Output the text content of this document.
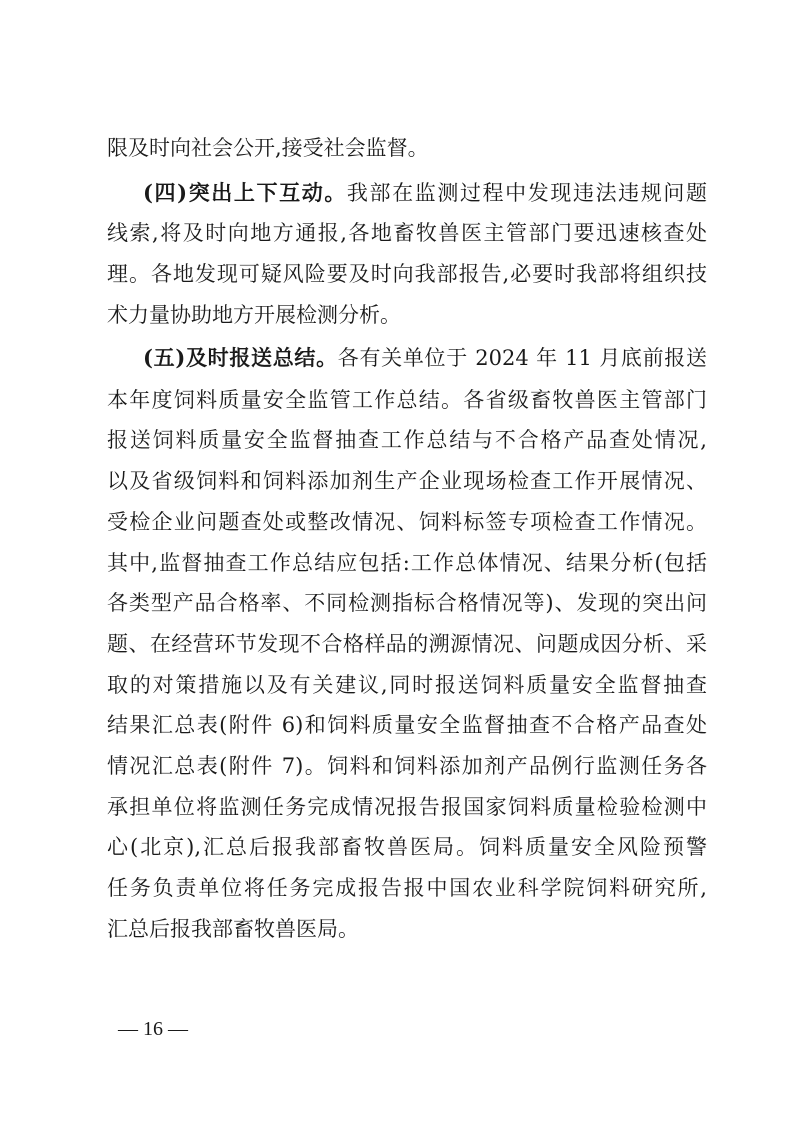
限及时向社会公开,接受社会监督。
(四)突出上下互动。我部在监测过程中发现违法违规问题
线索,将及时向地方通报,各地畜牧兽医主管部门要迅速核查处
理。各地发现可疑风险要及时向我部报告,必要时我部将组织技
术力量协助地方开展检测分析。
(五)及时报送总结。各有关单位于 2024 年 11 月底前报送
本年度饲料质量安全监管工作总结。各省级畜牧兽医主管部门
报送饲料质量安全监督抽查工作总结与不合格产品查处情况,
以及省级饲料和饲料添加剂生产企业现场检查工作开展情况、
受检企业问题查处或整改情况、饲料标签专项检查工作情况。
其中,监督抽查工作总结应包括:工作总体情况、结果分析(包括
各类型产品合格率、不同检测指标合格情况等)、发现的突出问
题、在经营环节发现不合格样品的溯源情况、问题成因分析、采
取的对策措施以及有关建议,同时报送饲料质量安全监督抽查
结果汇总表(附件 6)和饲料质量安全监督抽查不合格产品查处
情况汇总表(附件 7)。饲料和饲料添加剂产品例行监测任务各
承担单位将监测任务完成情况报告报国家饲料质量检验检测中
心(北京),汇总后报我部畜牧兽医局。饲料质量安全风险预警
任务负责单位将任务完成报告报中国农业科学院饲料研究所,
汇总后报我部畜牧兽医局。
— 16 —
